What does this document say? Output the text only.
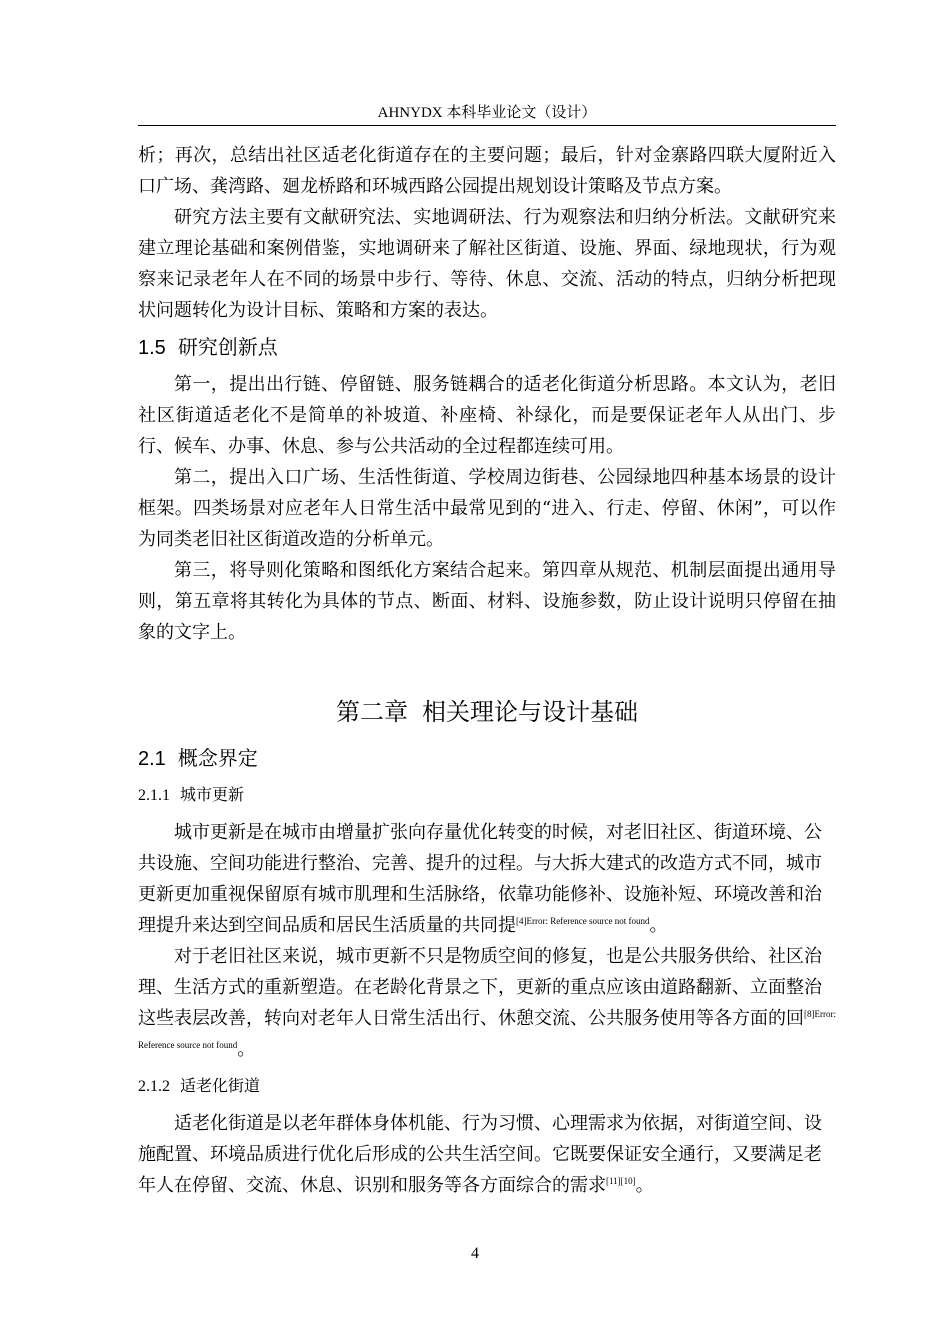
AHNYDX 本科毕业论文（设计）

析；再次，总结出社区适老化街道存在的主要问题；最后，针对金寨路四联大厦附近入口广场、龚湾路、廻龙桥路和环城西路公园提出规划设计策略及节点方案。

研究方法主要有文献研究法、实地调研法、行为观察法和归纳分析法。文献研究来建立理论基础和案例借鉴，实地调研来了解社区街道、设施、界面、绿地现状，行为观察来记录老年人在不同的场景中步行、等待、休息、交流、活动的特点，归纳分析把现状问题转化为设计目标、策略和方案的表达。

1.5 研究创新点

第一，提出出行链、停留链、服务链耦合的适老化街道分析思路。本文认为，老旧社区街道适老化不是简单的补坡道、补座椅、补绿化，而是要保证老年人从出门、步行、候车、办事、休息、参与公共活动的全过程都连续可用。

第二，提出入口广场、生活性街道、学校周边街巷、公园绿地四种基本场景的设计框架。四类场景对应老年人日常生活中最常见到的“进入、行走、停留、休闲”，可以作为同类老旧社区街道改造的分析单元。

第三，将导则化策略和图纸化方案结合起来。第四章从规范、机制层面提出通用导则，第五章将其转化为具体的节点、断面、材料、设施参数，防止设计说明只停留在抽象的文字上。

第二章 相关理论与设计基础
2.1 概念界定
2.1.1 城市更新

城市更新是在城市由增量扩张向存量优化转变的时候，对老旧社区、街道环境、公共设施、空间功能进行整治、完善、提升的过程。与大拆大建式的改造方式不同，城市更新更加重视保留原有城市肌理和生活脉络，依靠功能修补、设施补短、环境改善和治理提升来达到空间品质和居民生活质量的共同提$^{[4]Error: Reference source not found}$。

对于老旧社区来说，城市更新不只是物质空间的修复，也是公共服务供给、社区治理、生活方式的重新塑造。在老龄化背景之下，更新的重点应该由道路翻新、立面整治这些表层改善，转向对老年人日常生活出行、休憩交流、公共服务使用等各方面的回$^{[8]Error: Reference source not found}$。

2.1.2 适老化街道

适老化街道是以老年群体身体机能、行为习惯、心理需求为依据，对街道空间、设施配置、环境品质进行优化后形成的公共生活空间。它既要保证安全通行，又要满足老年人在停留、交流、休息、识别和服务等各方面综合的需求[11][10]。

4
